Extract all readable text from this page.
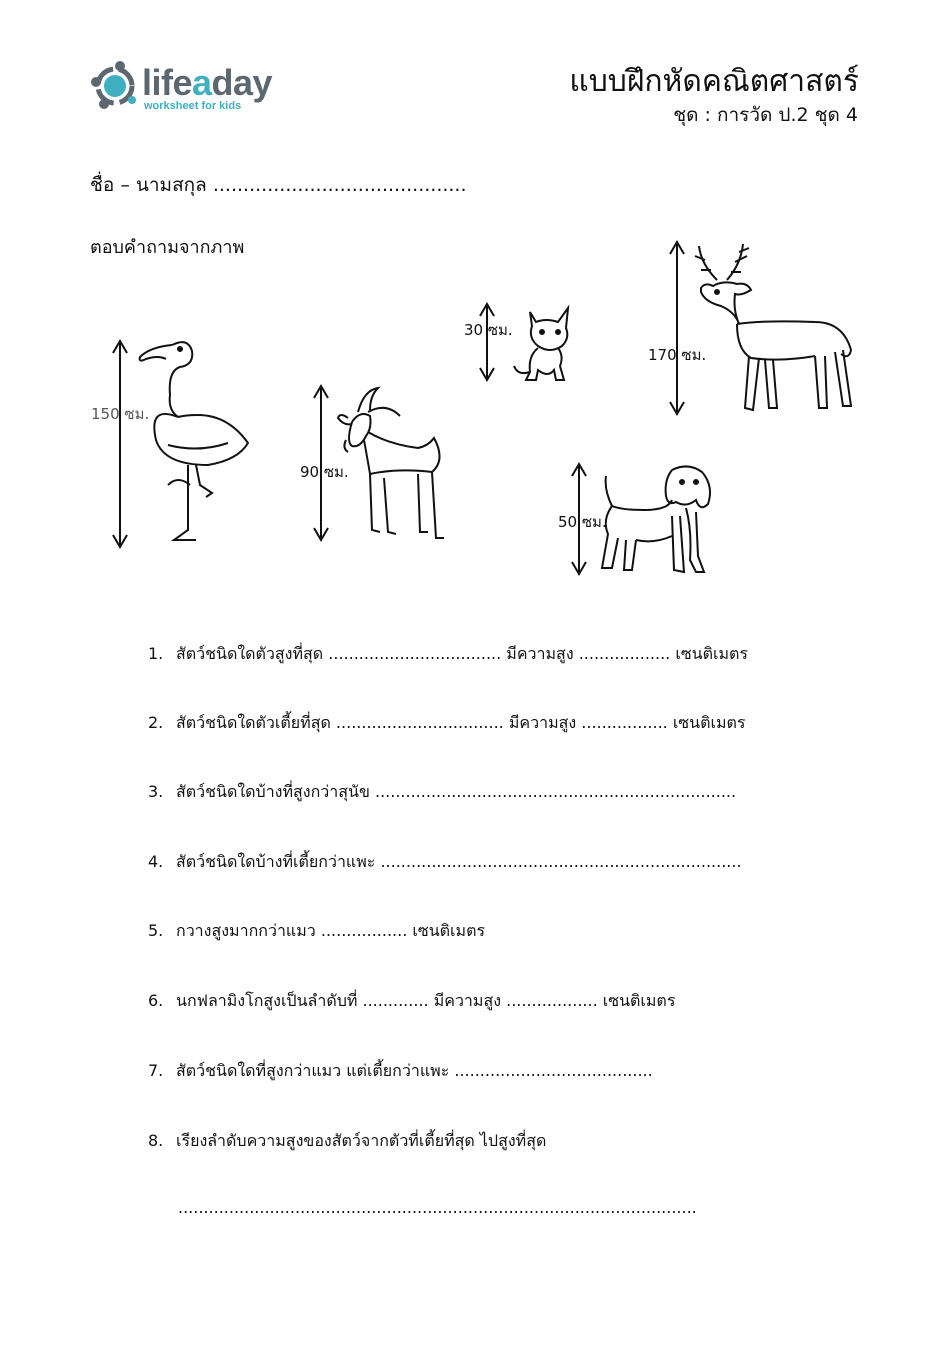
lifeaday
worksheet for kids
แบบฝึกหัดคณิตศาสตร์
ชุด : การวัด ป.2 ชุด 4
ชื่อ – นามสกุล ..........................................
ตอบคำถามจากภาพ
150 ซม.
90 ซม.
30 ซม.
50 ซม.
170 ซม.
1. สัตว์ชนิดใดตัวสูงที่สุด .................................. มีความสูง .................. เซนติเมตร
2. สัตว์ชนิดใดตัวเตี้ยที่สุด ................................. มีความสูง ................. เซนติเมตร
3. สัตว์ชนิดใดบ้างที่สูงกว่าสุนัข .......................................................................
4. สัตว์ชนิดใดบ้างที่เตี้ยกว่าแพะ .......................................................................
5. กวางสูงมากกว่าแมว ................. เซนติเมตร
6. นกฟลามิงโกสูงเป็นลำดับที่ ............. มีความสูง .................. เซนติเมตร
7. สัตว์ชนิดใดที่สูงกว่าแมว แต่เตี้ยกว่าแพะ .......................................
8. เรียงลำดับความสูงของสัตว์จากตัวที่เตี้ยที่สุด ไปสูงที่สุด
......................................................................................................
